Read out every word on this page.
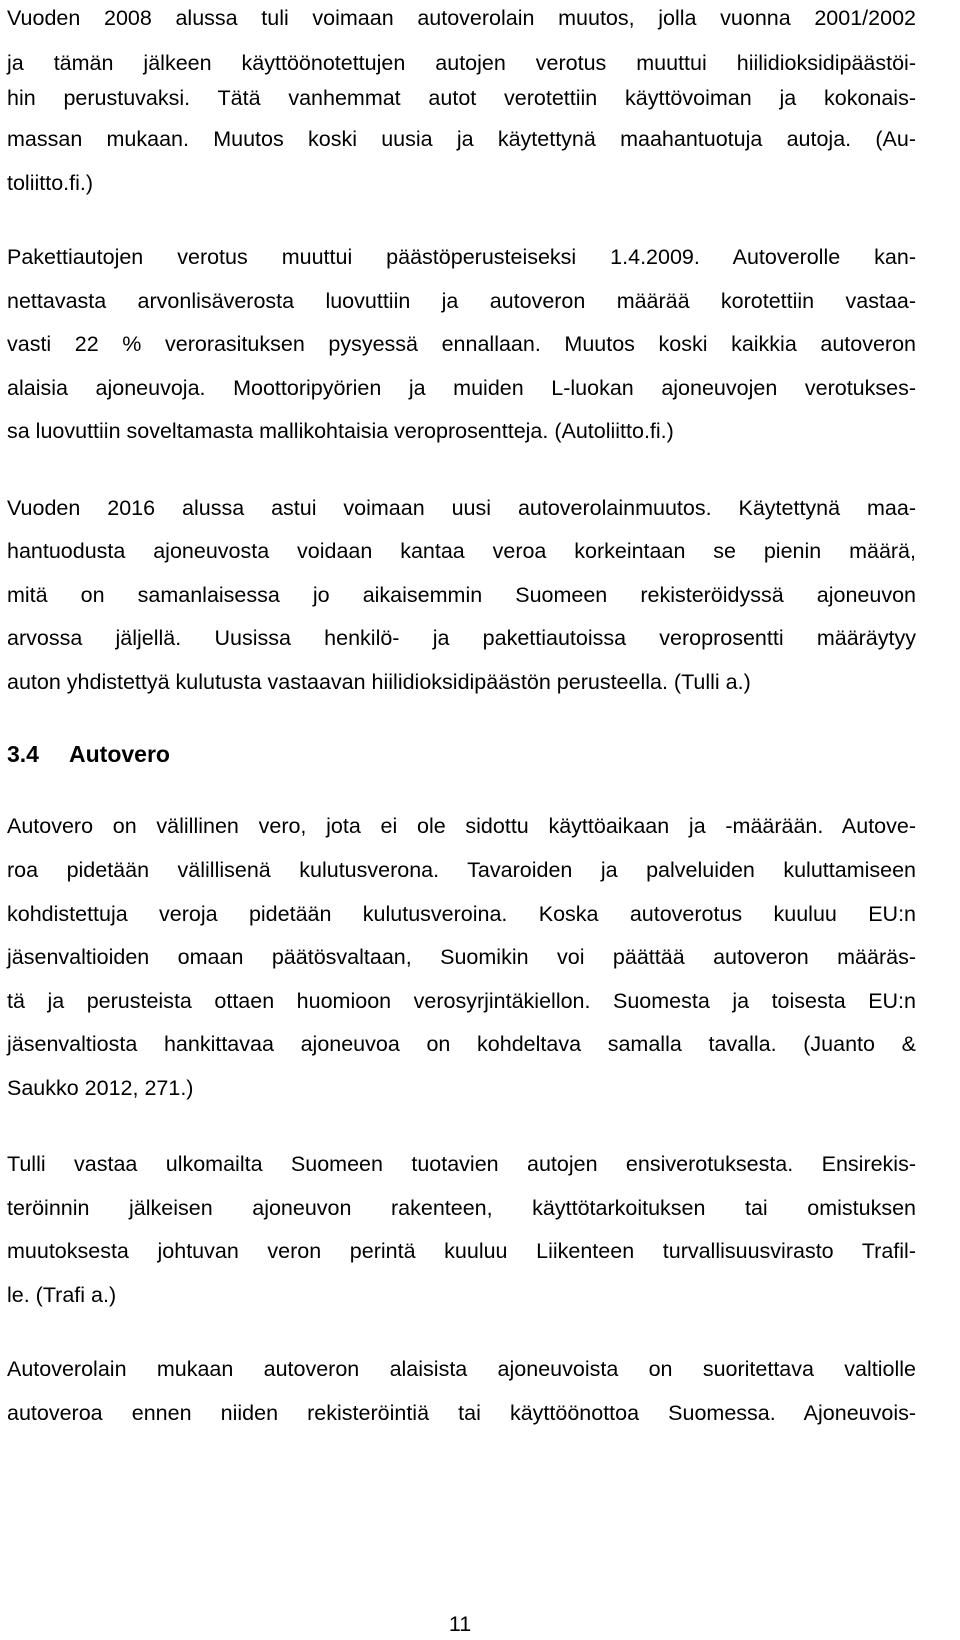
Vuoden 2008 alussa tuli voimaan autoverolain muutos, jolla vuonna 2001/2002

ja tämän jälkeen käyttöönotettujen autojen verotus muuttui hiilidioksidipäästöi-

hin perustuvaksi. Tätä vanhemmat autot verotettiin käyttövoiman ja kokonais-

massan mukaan. Muutos koski uusia ja käytettynä maahantuotuja autoja. (Au-

toliitto.fi.)

Pakettiautojen verotus muuttui päästöperusteiseksi 1.4.2009. Autoverolle kan-

nettavasta arvonlisäverosta luovuttiin ja autoveron määrää korotettiin vastaa-

vasti 22 % verorasituksen pysyessä ennallaan. Muutos koski kaikkia autoveron

alaisia ajoneuvoja. Moottoripyörien ja muiden L-luokan ajoneuvojen verotukses-

sa luovuttiin soveltamasta mallikohtaisia veroprosentteja. (Autoliitto.fi.)

Vuoden 2016 alussa astui voimaan uusi autoverolainmuutos. Käytettynä maa-

hantuodusta ajoneuvosta voidaan kantaa veroa korkeintaan se pienin määrä,

mitä on samanlaisessa jo aikaisemmin Suomeen rekisteröidyssä ajoneuvon

arvossa jäljellä. Uusissa henkilö- ja pakettiautoissa veroprosentti määräytyy

auton yhdistettyä kulutusta vastaavan hiilidioksidipäästön perusteella. (Tulli a.)

3.4 Autovero

Autovero on välillinen vero, jota ei ole sidottu käyttöaikaan ja -määrään. Autove-

roa pidetään välillisenä kulutusverona. Tavaroiden ja palveluiden kuluttamiseen

kohdistettuja veroja pidetään kulutusveroina. Koska autoverotus kuuluu EU:n

jäsenvaltioiden omaan päätösvaltaan, Suomikin voi päättää autoveron määräs-

tä ja perusteista ottaen huomioon verosyrjintäkiellon. Suomesta ja toisesta EU:n

jäsenvaltiosta hankittavaa ajoneuvoa on kohdeltava samalla tavalla. (Juanto &

Saukko 2012, 271.)

Tulli vastaa ulkomailta Suomeen tuotavien autojen ensiverotuksesta. Ensirekis-

teröinnin jälkeisen ajoneuvon rakenteen, käyttötarkoituksen tai omistuksen

muutoksesta johtuvan veron perintä kuuluu Liikenteen turvallisuusvirasto Trafil-

le. (Trafi a.)

Autoverolain mukaan autoveron alaisista ajoneuvoista on suoritettava valtiolle

autoveroa ennen niiden rekisteröintiä tai käyttöönottoa Suomessa. Ajoneuvois-

11
